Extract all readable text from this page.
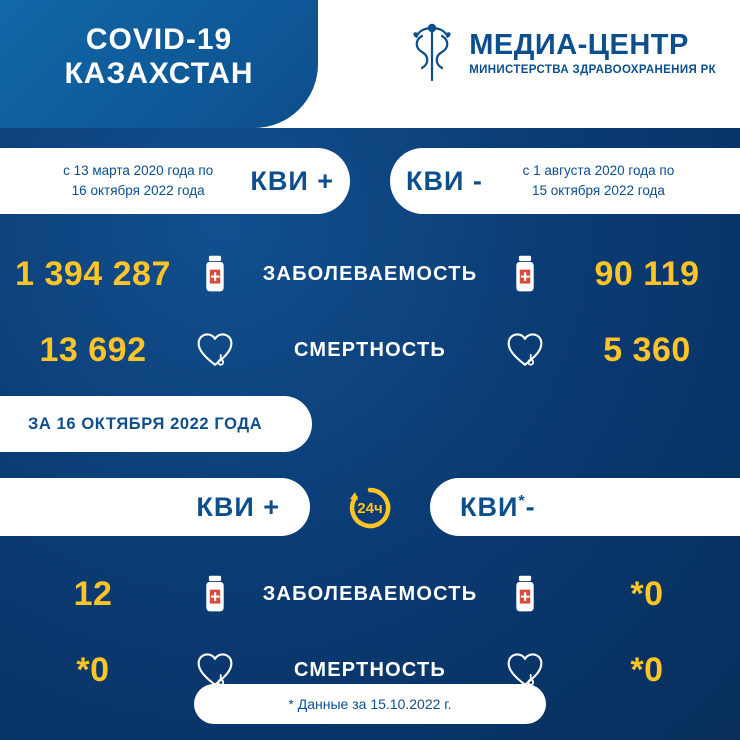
COVID-19
КАЗАХСТАН
МЕДИА-ЦЕНТР
МИНИСТЕРСТВА ЗДРАВООХРАНЕНИЯ РК
с 13 марта 2020 года по
16 октября 2022 года	КВИ +	КВИ -	с 1 августа 2020 года по
15 октября 2022 года
1 394 287	ЗАБОЛЕВАЕМОСТЬ	90 119
13 692	СМЕРТНОСТЬ	5 360
ЗА 16 ОКТЯБРЯ 2022 ГОДА
КВИ +	24ч	КВИ*-
12	ЗАБОЛЕВАЕМОСТЬ	*0
*0	СМЕРТНОСТЬ	*0
* Данные за 15.10.2022 г.
